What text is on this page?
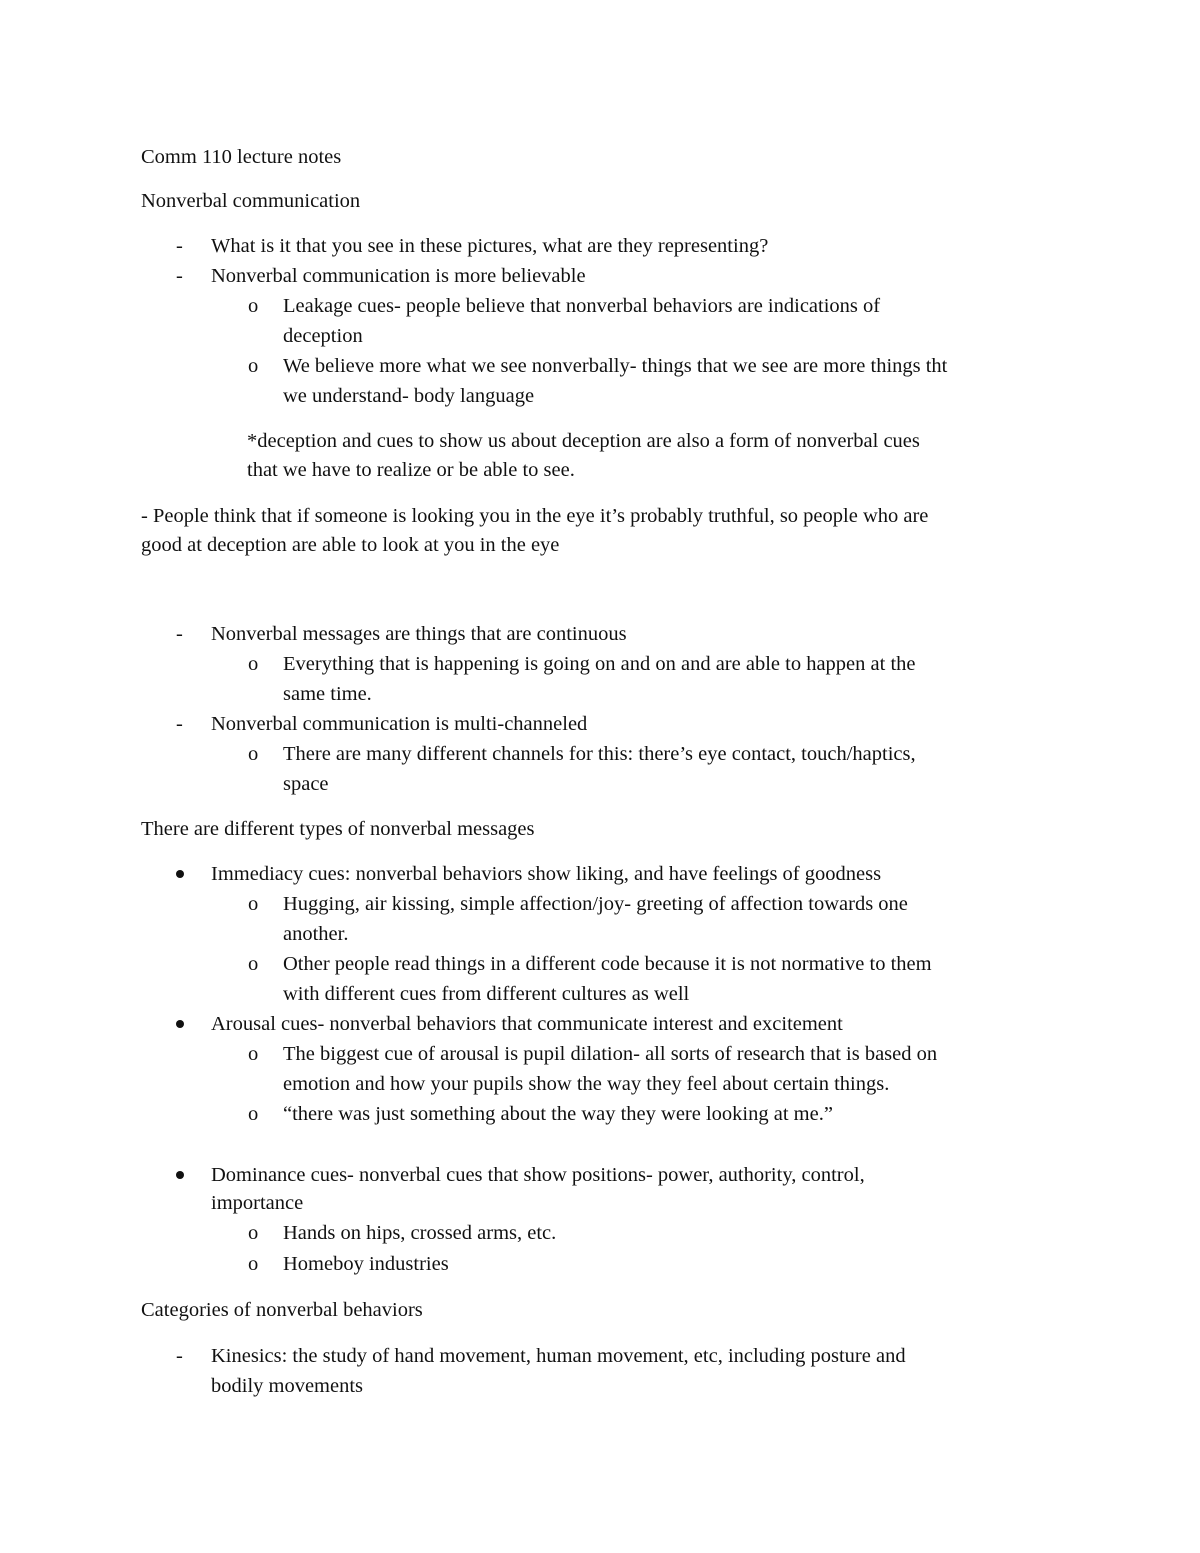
Comm 110 lecture notes
Nonverbal communication
- What is it that you see in these pictures, what are they representing?
- Nonverbal communication is more believable
o Leakage cues- people believe that nonverbal behaviors are indications of
deception
o We believe more what we see nonverbally- things that we see are more things tht
we understand- body language
*deception and cues to show us about deception are also a form of nonverbal cues
that we have to realize or be able to see.
- People think that if someone is looking you in the eye it’s probably truthful, so people who are
good at deception are able to look at you in the eye
- Nonverbal messages are things that are continuous
o Everything that is happening is going on and on and are able to happen at the
same time.
- Nonverbal communication is multi-channeled
o There are many different channels for this: there’s eye contact, touch/haptics,
space
There are different types of nonverbal messages
Immediacy cues: nonverbal behaviors show liking, and have feelings of goodness
o Hugging, air kissing, simple affection/joy- greeting of affection towards one
another.
o Other people read things in a different code because it is not normative to them
with different cues from different cultures as well
Arousal cues- nonverbal behaviors that communicate interest and excitement
o The biggest cue of arousal is pupil dilation- all sorts of research that is based on
emotion and how your pupils show the way they feel about certain things.
o “there was just something about the way they were looking at me.”
Dominance cues- nonverbal cues that show positions- power, authority, control,
importance
o Hands on hips, crossed arms, etc.
o Homeboy industries
Categories of nonverbal behaviors
- Kinesics: the study of hand movement, human movement, etc, including posture and
bodily movements
